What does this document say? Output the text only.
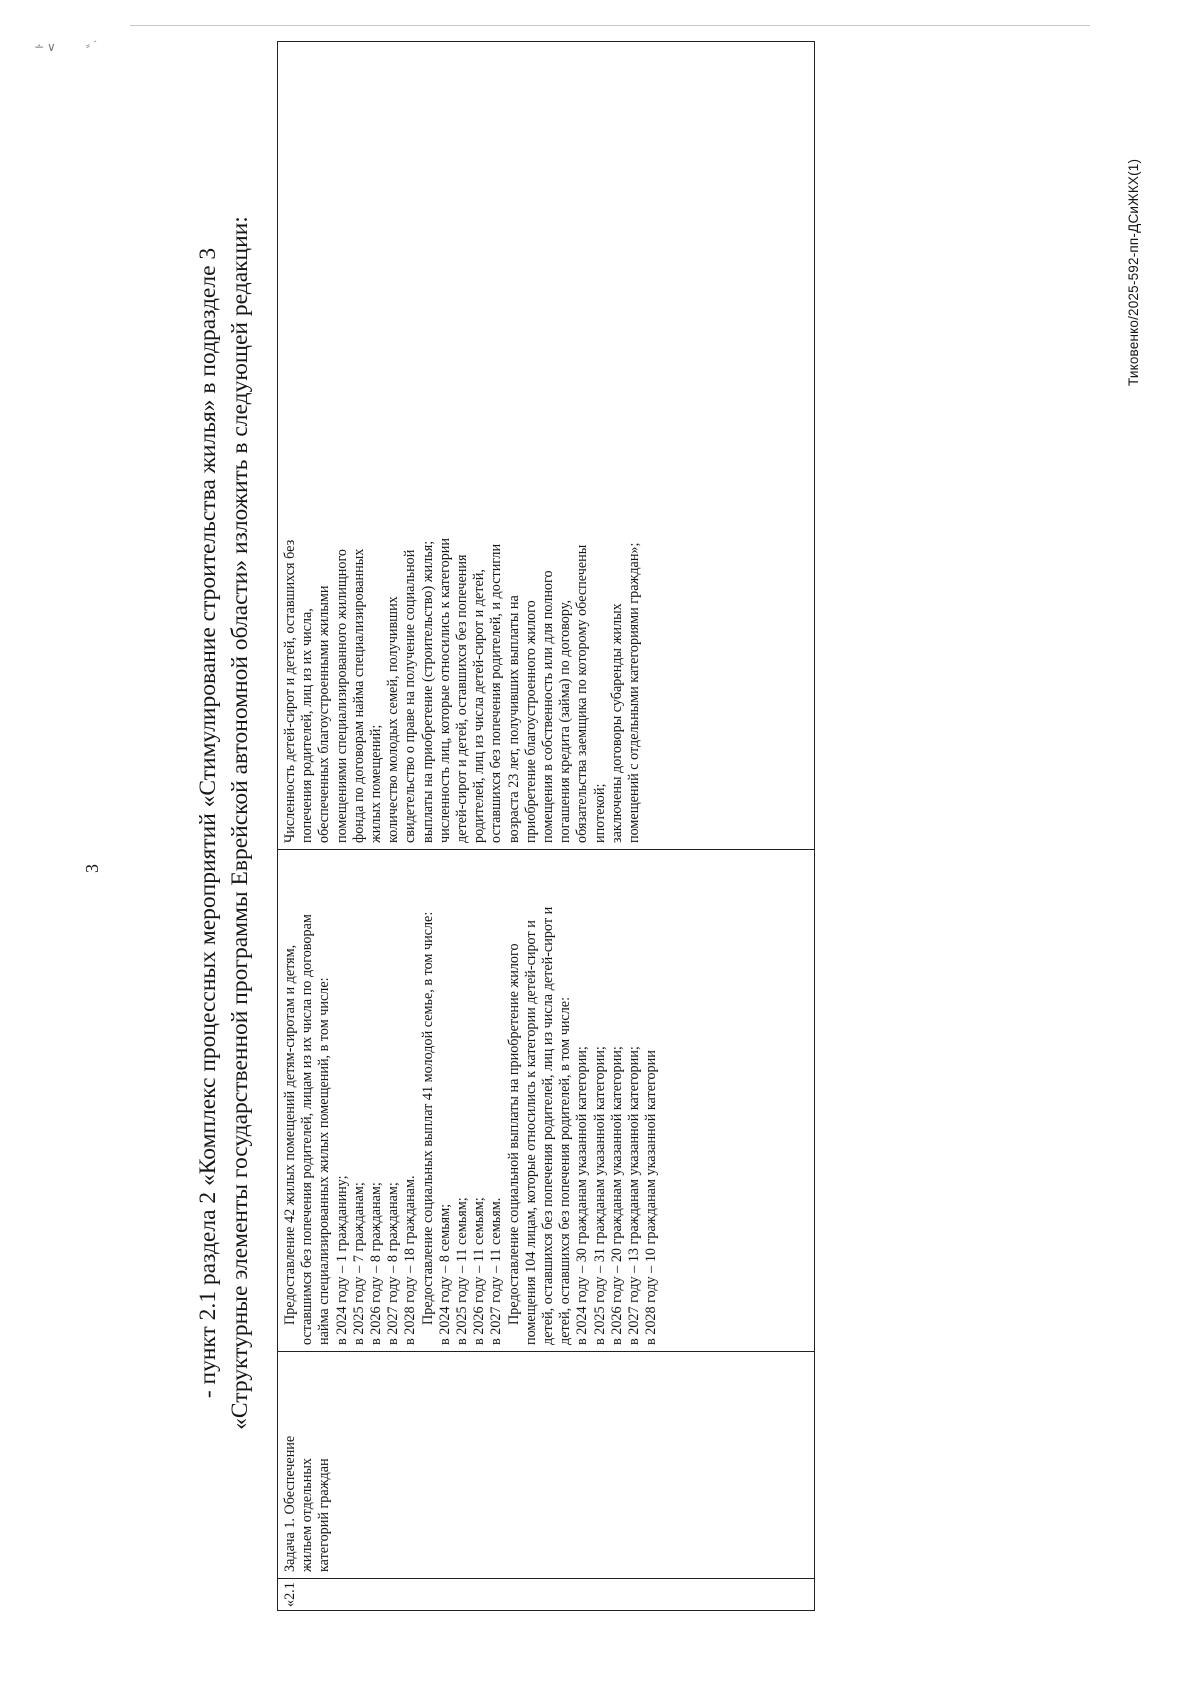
∸ ∨	⸗ ˊ
3	- пункт 2.1 раздела 2 «Комплекс процессных мероприятий «Стимулирование строительства жилья» в подразделе 3 «Структурные элементы государственной программы Еврейской автономной области» изложить в следующей редакции:
«2.1
Задача 1. Обеспечение жильем отдельных категорий граждан
Предоставление 42 жилых помещений детям-сиротам и детям, оставшимся без попечения родителей, лицам из их числа по договорам найма специализированных жилых помещений, в том числе: в 2024 году – 1 гражданину; в 2025 году – 7 гражданам; в 2026 году – 8 гражданам; в 2027 году – 8 гражданам; в 2028 году – 18 гражданам. Предоставление социальных выплат 41 молодой семье, в том числе: в 2024 году – 8 семьям; в 2025 году – 11 семьям; в 2026 году – 11 семьям; в 2027 году – 11 семьям. Предоставление социальной выплаты на приобретение жилого помещения 104 лицам, которые относились к категории детей-сирот и детей, оставшихся без попечения родителей, лиц из числа детей-сирот и детей, оставшихся без попечения родителей, в том числе: в 2024 году – 30 гражданам указанной категории; в 2025 году – 31 гражданам указанной категории; в 2026 году – 20 гражданам указанной категории; в 2027 году – 13 гражданам указанной категории; в 2028 году – 10 гражданам указанной категории
Численность детей-сирот и детей, оставшихся без попечения родителей, лиц из их числа, обеспеченных благоустроенными жилыми помещениями специализированного жилищного фонда по договорам найма специализированных жилых помещений; количество молодых семей, получивших свидетельство о праве на получение социальной выплаты на приобретение (строительство) жилья; численность лиц, которые относились к категории детей-сирот и детей, оставшихся без попечения родителей, лиц из числа детей-сирот и детей, оставшихся без попечения родителей, и достигли возраста 23 лет, получивших выплаты на приобретение благоустроенного жилого помещения в собственность или для полного погашения кредита (займа) по договору, обязательства заемщика по которому обеспечены ипотекой; заключены договоры субаренды жилых помещений с отдельными категориями граждан»;
Тиковенко/2025-592-пп-ДСиЖКХ(1)
